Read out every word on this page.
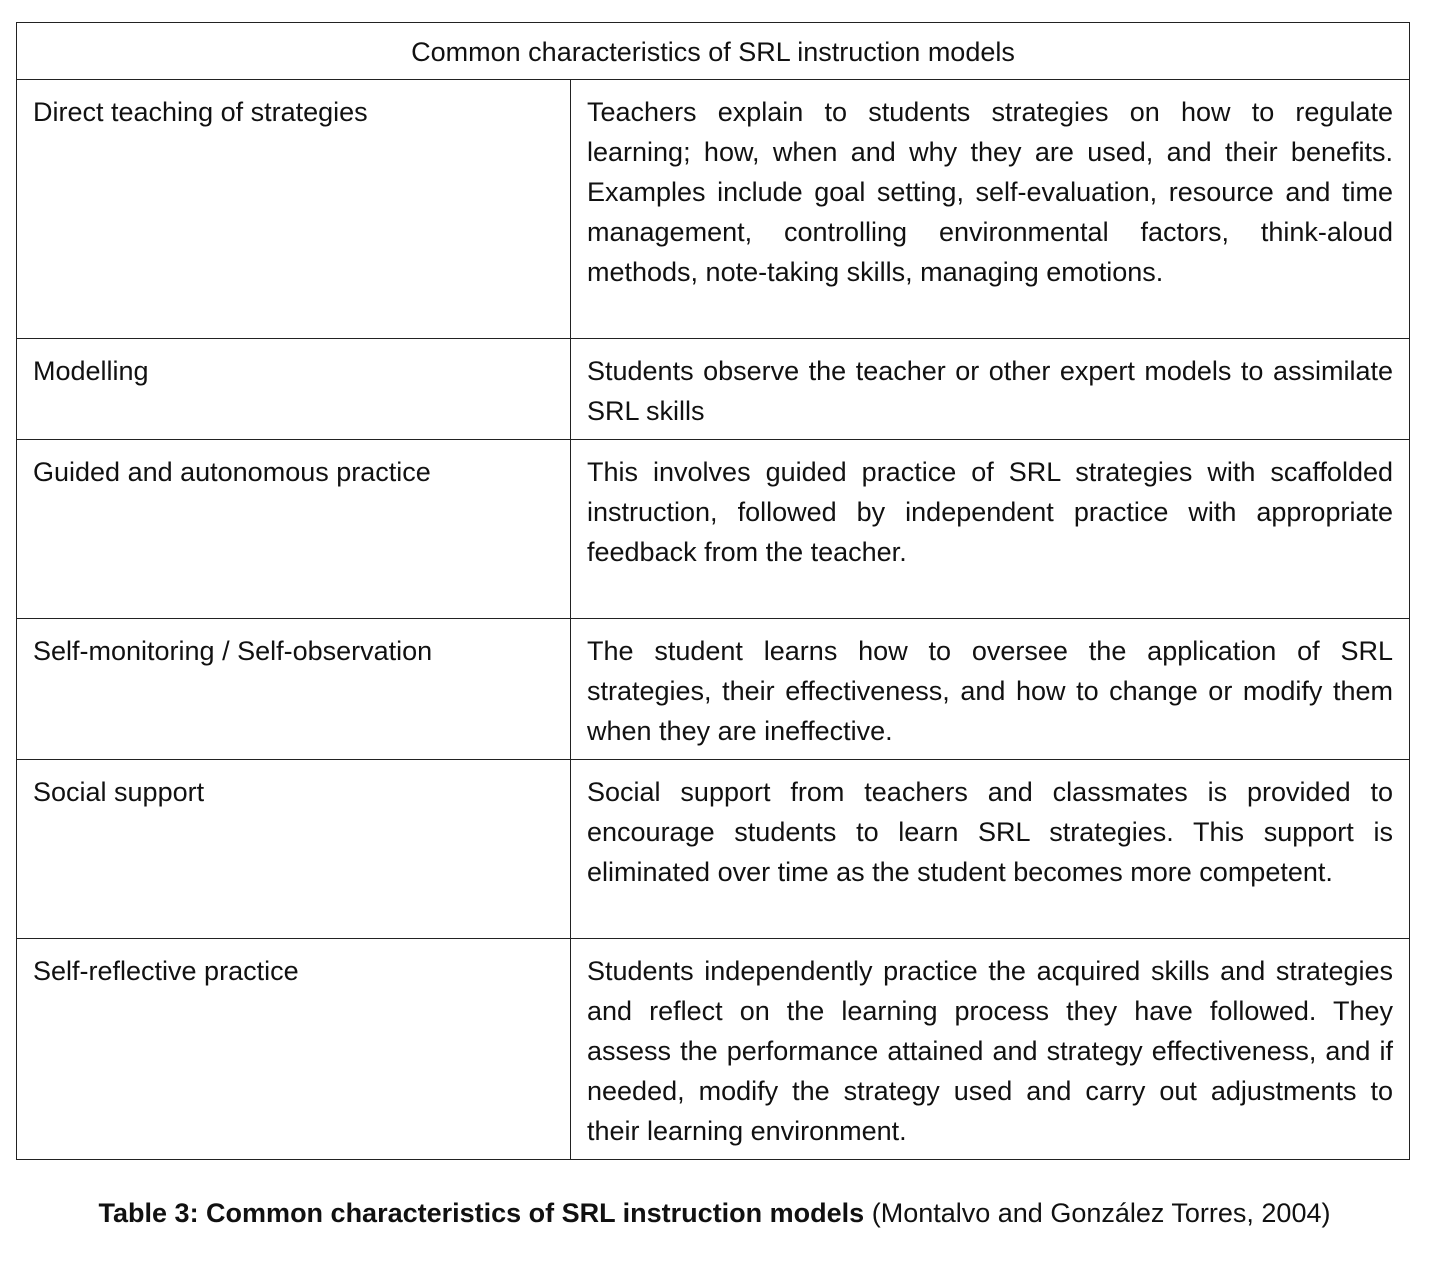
Common characteristics of SRL instruction models	
Direct teaching of strategies	Teachers explain to students strategies on how to regulate learning; how, when and why they are used, and their benefits. Examples include goal setting, self-evaluation, resource and time management, controlling environmental factors, think-aloud methods, note-taking skills, managing emotions.
Modelling	Students observe the teacher or other expert models to assimilate SRL skills
Guided and autonomous practice	This involves guided practice of SRL strategies with scaffolded instruction, followed by independent practice with appropriate feedback from the teacher.
Self-monitoring / Self-observation	The student learns how to oversee the application of SRL strategies, their effectiveness, and how to change or modify them when they are ineffective.
Social support	Social support from teachers and classmates is provided to encourage students to learn SRL strategies. This support is eliminated over time as the student becomes more competent.
Self-reflective practice	Students independently practice the acquired skills and strategies and reflect on the learning process they have followed. They assess the performance attained and strategy effectiveness, and if needed, modify the strategy used and carry out adjustments to their learning environment.
Table 3: Common characteristics of SRL instruction models (Montalvo and González Torres, 2004)
